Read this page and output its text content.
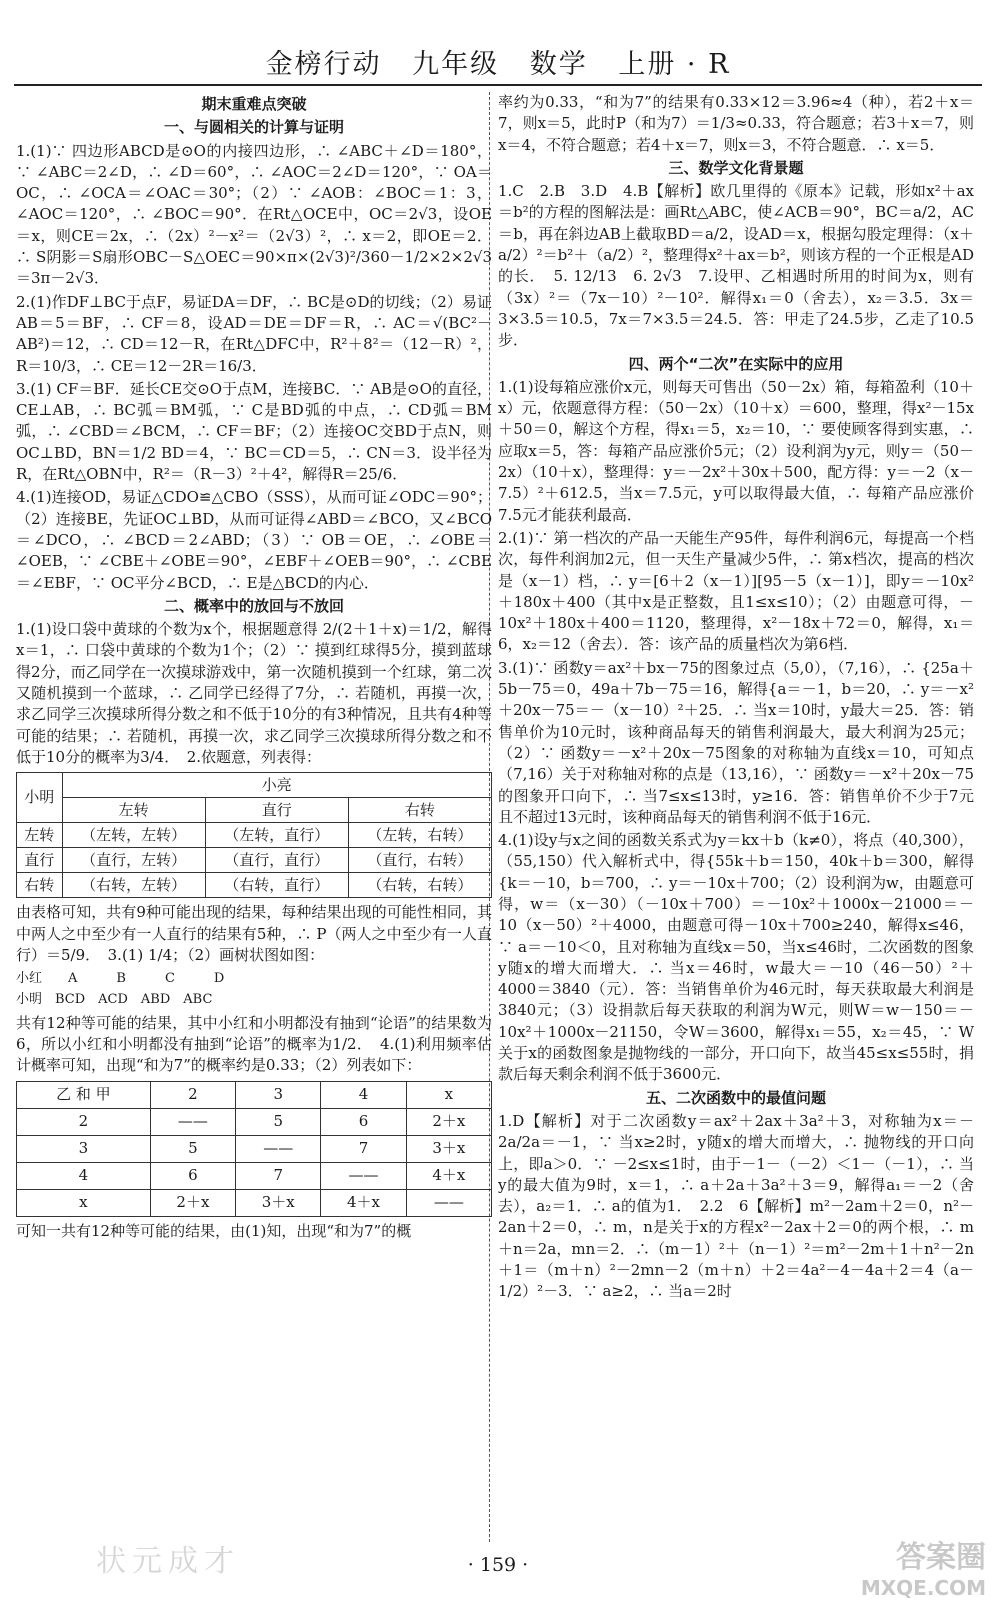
金榜行动 九年级 数学 上册 · R
期末重难点突破
一、与圆相关的计算与证明

1.(1)∵ 四边形ABCD是⊙O的内接四边形，∴ ∠ABC＋∠D＝180°，∵ ∠ABC＝2∠D，∴ ∠D＝60°，∴ ∠AOC＝2∠D＝120°，∵ OA＝OC，∴ ∠OCA＝∠OAC＝30°；（2）∵ ∠AOB：∠BOC＝1：3，∠AOC＝120°，∴ ∠BOC＝90°．在Rt△OCE中，OC＝2√3，设OE＝x，则CE＝2x，∴（2x）²－x²＝（2√3）²，∴ x＝2，即OE＝2．∴ S阴影＝S扇形OBC－S△OEC＝90×π×(2√3)²/360－1/2×2×2√3＝3π－2√3．

2.(1)作DF⊥BC于点F，易证DA＝DF，∴ BC是⊙D的切线；（2）易证AB＝5＝BF，∴ CF＝8，设AD＝DE＝DF＝R，∴ AC＝√(BC²－AB²)＝12，∴ CD＝12－R，在Rt△DFC中，R²＋8²＝（12－R）²，R＝10/3，∴ CE＝12－2R＝16/3．

3.(1) CF＝BF．延长CE交⊙O于点M，连接BC．∵ AB是⊙O的直径，CE⊥AB，∴ BC弧＝BM弧，∵ C是BD弧的中点，∴ CD弧＝BM弧，∴ ∠CBD＝∠BCM，∴ CF＝BF；（2）连接OC交BD于点N，则OC⊥BD，BN＝1/2 BD＝4，∵ BC＝CD＝5，∴ CN＝3．设半径为R，在Rt△OBN中，R²＝（R－3）²＋4²，解得R＝25/6．

4.(1)连接OD，易证△CDO≌△CBO（SSS），从而可证∠ODC＝90°；（2）连接BE，先证OC⊥BD，从而可证得∠ABD＝∠BCO，又∠BCO＝∠DCO，∴ ∠BCD＝2∠ABD；（3）∵ OB＝OE，∴ ∠OBE＝∠OEB，∵ ∠CBE＋∠OBE＝90°，∠EBF＋∠OEB＝90°，∴ ∠CBE＝∠EBF，∵ OC平分∠BCD，∴ E是△BCD的内心．

二、概率中的放回与不放回

1.(1)设口袋中黄球的个数为x个，根据题意得 2/(2＋1＋x)＝1/2，解得x＝1，∴ 口袋中黄球的个数为1个；（2）∵ 摸到红球得5分，摸到蓝球得2分，而乙同学在一次摸球游戏中，第一次随机摸到一个红球，第二次又随机摸到一个蓝球，∴ 乙同学已经得了7分，∴ 若随机，再摸一次，求乙同学三次摸球所得分数之和不低于10分的有3种情况，且共有4种等可能的结果；∴ 若随机，再摸一次，求乙同学三次摸球所得分数之和不低于10分的概率为3/4．　2.依题意，列表得：

小明	小亮		
	左转	直行	右转
左转	（左转，左转）	（左转，直行）	（左转，右转）
直行	（直行，左转）	（直行，直行）	（直行，右转）
右转	（右转，左转）	（右转，直行）	（右转，右转）

由表格可知，共有9种可能出现的结果，每种结果出现的可能性相同，其中两人之中至少有一人直行的结果有5种，∴ P（两人之中至少有一人直行）＝5/9．　3.(1) 1/4；（2）画树状图如图：

小红　　A　　　B　　　C　　　D
小明　BCD　ACD　ABD　ABC

共有12种等可能的结果，其中小红和小明都没有抽到“论语”的结果数为6，所以小红和小明都没有抽到“论语”的概率为1/2．　4.(1)利用频率估计概率可知，出现“和为7”的概率约是0.33；（2）列表如下：

乙 和 甲	2	3	4	x
2	——	5	6	2＋x
3	5	——	7	3＋x
4	6	7	——	4＋x
x	2＋x	3＋x	4＋x	——

可知一共有12种等可能的结果，由(1)知，出现“和为7”的概

率约为0.33，“和为7”的结果有0.33×12＝3.96≈4（种），若2＋x＝7，则x＝5，此时P（和为7）＝1/3≈0.33，符合题意；若3＋x＝7，则x＝4，不符合题意；若4＋x＝7，则x＝3，不符合题意．∴ x＝5．

三、数学文化背景题

1.C　2.B　3.D　4.B【解析】欧几里得的《原本》记载，形如x²＋ax＝b²的方程的图解法是：画Rt△ABC，使∠ACB＝90°，BC＝a/2，AC＝b，再在斜边AB上截取BD＝a/2，设AD＝x，根据勾股定理得：（x＋a/2）²＝b²＋（a/2）²，整理得x²＋ax＝b²，则该方程的一个正根是AD的长．　5. 12/13　6. 2√3　7.设甲、乙相遇时所用的时间为x，则有（3x）²＝（7x－10）²－10²．解得x₁＝0（舍去），x₂＝3.5．3x＝3×3.5＝10.5，7x＝7×3.5＝24.5．答：甲走了24.5步，乙走了10.5步．

四、两个“二次”在实际中的应用

1.(1)设每箱应涨价x元，则每天可售出（50－2x）箱，每箱盈利（10＋x）元，依题意得方程：（50－2x）（10＋x）＝600，整理，得x²－15x＋50＝0，解这个方程，得x₁＝5，x₂＝10，∵ 要使顾客得到实惠，∴ 应取x＝5，答：每箱产品应涨价5元；（2）设利润为y元，则y＝（50－2x）（10＋x），整理得：y＝－2x²＋30x＋500，配方得：y＝－2（x－7.5）²＋612.5，当x＝7.5元，y可以取得最大值，∴ 每箱产品应涨价7.5元才能获利最高．

2.(1)∵ 第一档次的产品一天能生产95件，每件利润6元，每提高一个档次，每件利润加2元，但一天生产量减少5件，∴ 第x档次，提高的档次是（x－1）档，∴ y＝[6＋2（x－1）][95－5（x－1）]，即y＝－10x²＋180x＋400（其中x是正整数，且1≤x≤10）；（2）由题意可得，－10x²＋180x＋400＝1120，整理得，x²－18x＋72＝0，解得，x₁＝6，x₂＝12（舍去）．答：该产品的质量档次为第6档．

3.(1)∵ 函数y＝ax²＋bx－75的图象过点（5,0），（7,16），∴ {25a＋5b－75＝0，49a＋7b－75＝16，解得{a＝－1，b＝20，∴ y＝－x²＋20x－75＝－（x－10）²＋25．∴ 当x＝10时，y最大＝25．答：销售单价为10元时，该种商品每天的销售利润最大，最大利润为25元；（2）∵ 函数y＝－x²＋20x－75图象的对称轴为直线x＝10，可知点（7,16）关于对称轴对称的点是（13,16），∵ 函数y＝－x²＋20x－75的图象开口向下，∴ 当7≤x≤13时，y≥16．答：销售单价不少于7元且不超过13元时，该种商品每天的销售利润不低于16元．

4.(1)设y与x之间的函数关系式为y＝kx＋b（k≠0），将点（40,300），（55,150）代入解析式中，得{55k＋b＝150，40k＋b＝300，解得{k＝－10，b＝700，∴ y＝－10x＋700；（2）设利润为w，由题意可得，w＝（x－30）（－10x＋700）＝－10x²＋1000x－21000＝－10（x－50）²＋4000，由题意可得－10x＋700≥240，解得x≤46，∵ a＝－10＜0，且对称轴为直线x＝50，当x≤46时，二次函数的图象y随x的增大而增大．∴ 当x＝46时，w最大＝－10（46－50）²＋4000＝3840（元）．答：当销售单价为46元时，每天获取最大利润是3840元；（3）设捐款后每天获取的利润为W元，则W＝w－150＝－10x²＋1000x－21150，令W＝3600，解得x₁＝55，x₂＝45，∵ W关于x的函数图象是抛物线的一部分，开口向下，故当45≤x≤55时，捐款后每天剩余利润不低于3600元．

五、二次函数中的最值问题

1.D【解析】对于二次函数y＝ax²＋2ax＋3a²＋3，对称轴为x＝－2a/2a＝－1，∵ 当x≥2时，y随x的增大而增大，∴ 抛物线的开口向上，即a＞0．∵ －2≤x≤1时，由于－1－（－2）＜1－（－1），∴ 当y的最大值为9时，x＝1，∴ a＋2a＋3a²＋3＝9，解得a₁＝－2（舍去），a₂＝1．∴ a的值为1．　2.2　6【解析】m²－2am＋2＝0，n²－2an＋2＝0，∴ m，n是关于x的方程x²－2ax＋2＝0的两个根，∴ m＋n＝2a，mn＝2．∴（m－1）²＋（n－1）²＝m²－2m＋1＋n²－2n＋1＝（m＋n）²－2mn－2（m＋n）＋2＝4a²－4－4a＋2＝4（a－1/2）²－3．∵ a≥2，∴ 当a＝2时

· 159 ·
状元成才	答案圈
MXQE.COM
